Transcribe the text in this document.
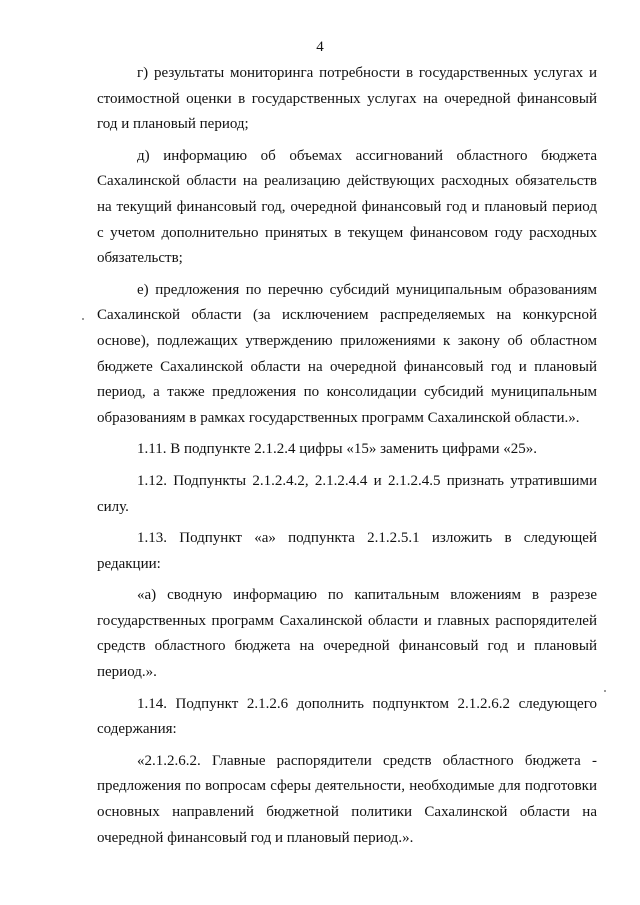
4

г) результаты мониторинга потребности в государственных услугах и стоимостной оценки в государственных услугах на очередной финансовый год и плановый период;

д) информацию об объемах ассигнований областного бюджета Сахалинской области на реализацию действующих расходных обязательств на текущий финансовый год, очередной финансовый год и плановый период с учетом дополнительно принятых в текущем финансовом году расходных обязательств;

е) предложения по перечню субсидий муниципальным образованиям Сахалинской области (за исключением распределяемых на конкурсной основе), подлежащих утверждению приложениями к закону об областном бюджете Сахалинской области на очередной финансовый год и плановый период, а также предложения по консолидации субсидий муниципальным образованиям в рамках государственных программ Сахалинской области.».

1.11. В подпункте 2.1.2.4 цифры «15» заменить цифрами «25».

1.12. Подпункты 2.1.2.4.2, 2.1.2.4.4 и 2.1.2.4.5 признать утратившими силу.

1.13. Подпункт «а» подпункта 2.1.2.5.1 изложить в следующей редакции:

«а) сводную информацию по капитальным вложениям в разрезе государственных программ Сахалинской области и главных распорядителей средств областного бюджета на очередной финансовый год и плановый период.».

1.14. Подпункт 2.1.2.6 дополнить подпунктом 2.1.2.6.2 следующего содержания:

«2.1.2.6.2. Главные распорядители средств областного бюджета - предложения по вопросам сферы деятельности, необходимые для подготовки основных направлений бюджетной политики Сахалинской области на очередной финансовый год и плановый период.».
